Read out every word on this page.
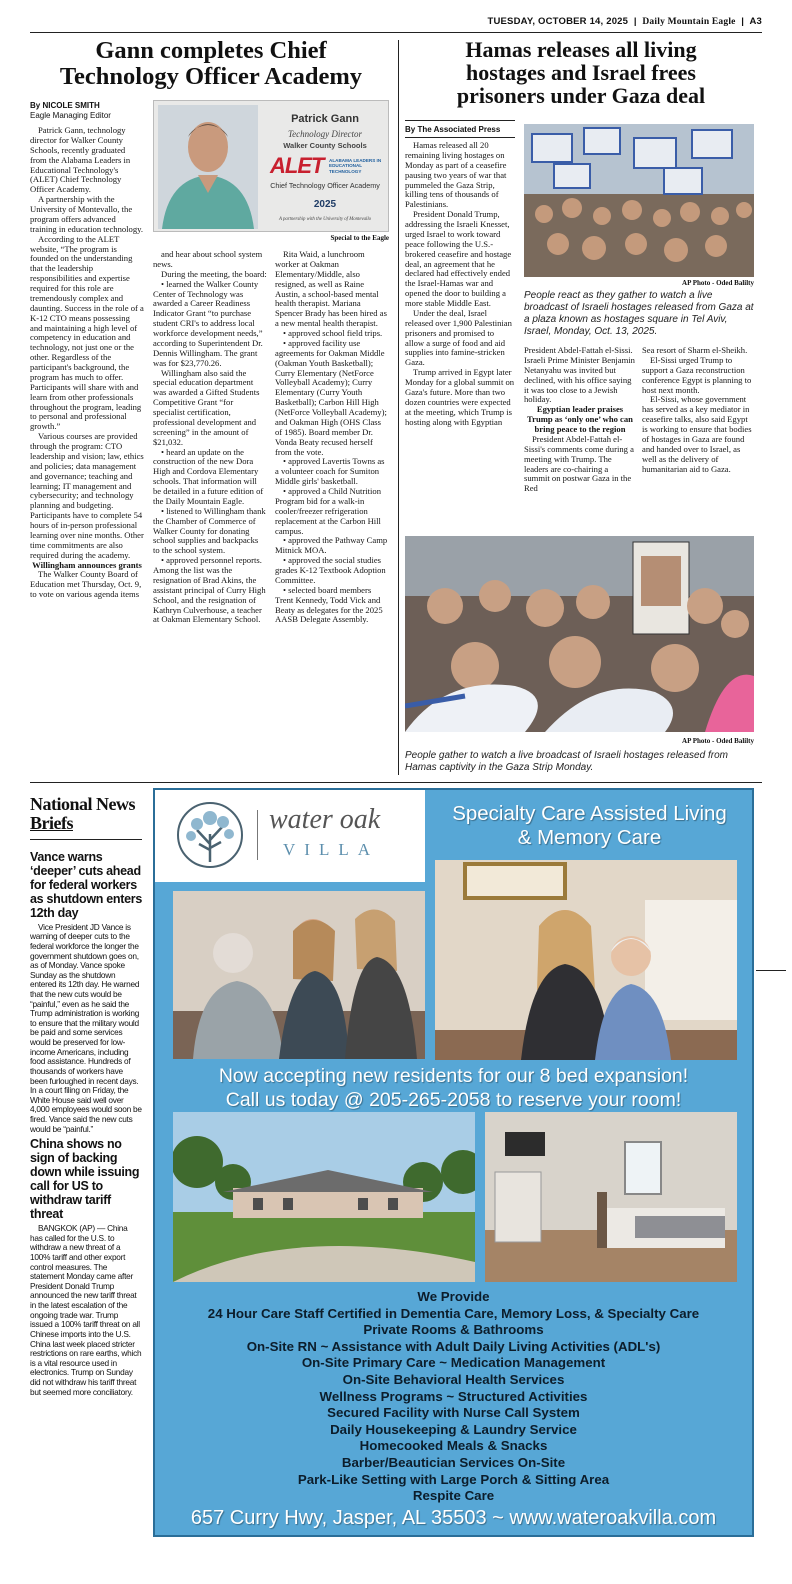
TUESDAY, OCTOBER 14, 2025  |  Daily Mountain Eagle  |  A3
Gann completes Chief
Technology Officer Academy
By NICOLE SMITH
Eagle Managing Editor	Patrick Gann
Technology Director
Walker County Schools
ALET ALABAMA LEADERS IN EDUCATIONAL TECHNOLOGY
Chief Technology Officer Academy
2025
A partnership with the University of Montevallo
Special to the Eagle

Patrick Gann, technology director for Walker County Schools, recently graduated from the Alabama Leaders in Educational Technology's (ALET) Chief Technology Officer Academy.

A partnership with the University of Montevallo, the program offers advanced training in education technology.

According to the ALET website, “The program is founded on the understanding that the leadership responsibilities and expertise required for this role are tremendously complex and daunting. Success in the role of a K-12 CTO means possessing and maintaining a high level of competency in education and technology, not just one or the other. Regardless of the participant's background, the program has much to offer. Participants will share with and learn from other professionals throughout the program, leading to personal and professional growth.”

Various courses are provided through the program: CTO leadership and vision; law, ethics and policies; data management and governance; teaching and learning; IT management and cybersecurity; and technology planning and budgeting. Participants have to complete 54 hours of in-person professional learning over nine months. Other time commitments are also required during the academy.

Willingham announces grants

The Walker County Board of Education met Thursday, Oct. 9, to vote on various agenda items

and hear about school system news.

During the meeting, the board:

• learned the Walker County Center of Technology was awarded a Career Readiness Indicator Grant “to purchase student CRI's to address local workforce development needs,” according to Superintendent Dr. Dennis Willingham. The grant was for $23,770.26.

Willingham also said the special education department was awarded a Gifted Students Competitive Grant “for specialist certification, professional development and screening” in the amount of $21,032.

• heard an update on the construction of the new Dora High and Cordova Elementary schools. That information will be detailed in a future edition of the Daily Mountain Eagle.

• listened to Willingham thank the Chamber of Commerce of Walker County for donating school supplies and backpacks to the school system.

• approved personnel reports. Among the list was the resignation of Brad Akins, the assistant principal of Curry High School, and the resignation of Kathryn Culverhouse, a teacher at Oakman Elementary School.

Rita Waid, a lunchroom worker at Oakman Elementary/Middle, also resigned, as well as Raine Austin, a school-based mental health therapist. Mariana Spencer Brady has been hired as a new mental health therapist.

• approved school field trips.

• approved facility use agreements for Oakman Middle (Oakman Youth Basketball); Curry Elementary (NetForce Volleyball Academy); Curry Elementary (Curry Youth Basketball); Carbon Hill High (NetForce Volleyball Academy); and Oakman High (OHS Class of 1985). Board member Dr. Vonda Beaty recused herself from the vote.

• approved Lavertis Towns as a volunteer coach for Sumiton Middle girls' basketball.

• approved a Child Nutrition Program bid for a walk-in cooler/freezer refrigeration replacement at the Carbon Hill campus.

• approved the Pathway Camp Mitnick MOA.

• approved the social studies grades K-12 Textbook Adoption Committee.

• selected board members Trent Kennedy, Todd Vick and Beaty as delegates for the 2025 AASB Delegate Assembly.

Hamas releases all living
hostages and Israel frees
prisoners under Gaza deal
By The Associated Press

Hamas released all 20 remaining living hostages on Monday as part of a ceasefire pausing two years of war that pummeled the Gaza Strip, killing tens of thousands of Palestinians.

President Donald Trump, addressing the Israeli Knesset, urged Israel to work toward peace following the U.S.-brokered ceasefire and hostage deal, an agreement that he declared had effectively ended the Israel-Hamas war and opened the door to building a more stable Middle East.

Under the deal, Israel released over 1,900 Palestinian prisoners and promised to allow a surge of food and aid supplies into famine-stricken Gaza.

Trump arrived in Egypt later Monday for a global summit on Gaza's future. More than two dozen countries were expected at the meeting, which Trump is hosting along with Egyptian

AP Photo - Oded Balilty
People react as they gather to watch a live broadcast of Israeli hostages released from Gaza at a plaza known as hostages square in Tel Aviv, Israel, Monday, Oct. 13, 2025.

President Abdel-Fattah el-Sissi. Israeli Prime Minister Benjamin Netanyahu was invited but declined, with his office saying it was too close to a Jewish holiday.

Egyptian leader praises Trump as ‘only one’ who can bring peace to the region

President Abdel-Fattah el-Sissi's comments come during a meeting with Trump. The leaders are co-chairing a summit on postwar Gaza in the Red

Sea resort of Sharm el-Sheikh.

El-Sissi urged Trump to support a Gaza reconstruction conference Egypt is planning to host next month.

El-Sissi, whose government has served as a key mediator in ceasefire talks, also said Egypt is working to ensure that bodies of hostages in Gaza are found and handed over to Israel, as well as the delivery of humanitarian aid to Gaza.

AP Photo - Oded Balilty
People gather to watch a live broadcast of Israeli hostages released from Hamas captivity in the Gaza Strip Monday.
National News
Briefs
Vance warns ‘deeper’ cuts ahead for federal workers as shutdown enters 12th day
Vice President JD Vance is warning of deeper cuts to the federal workforce the longer the government shutdown goes on, as of Monday. Vance spoke Sunday as the shutdown entered its 12th day. He warned that the new cuts would be “painful,” even as he said the Trump administration is working to ensure that the military would be paid and some services would be preserved for low-income Americans, including food assistance. Hundreds of thousands of workers have been furloughed in recent days. In a court filing on Friday, the White House said well over 4,000 employees would soon be fired. Vance said the new cuts would be “painful.”
China shows no sign of backing down while issuing call for US to withdraw tariff threat
BANGKOK (AP) — China has called for the U.S. to withdraw a new threat of a 100% tariff and other export control measures. The statement Monday came after President Donald Trump announced the new tariff threat in the latest escalation of the ongoing trade war. Trump issued a 100% tariff threat on all Chinese imports into the U.S. China last week placed stricter restrictions on rare earths, which is a vital resource used in electronics. Trump on Sunday did not withdraw his tariff threat but seemed more conciliatory.
water oak
VILLA
Specialty Care Assisted Living
& Memory Care
Now accepting new residents for our 8 bed expansion!
Call us today @ 205-265-2058 to reserve your room!
We Provide
24 Hour Care Staff Certified in Dementia Care, Memory Loss, & Specialty Care
Private Rooms & Bathrooms
On-Site RN ~ Assistance with Adult Daily Living Activities (ADL's)
On-Site Primary Care ~ Medication Management
On-Site Behavioral Health Services
Wellness Programs ~ Structured Activities
Secured Facility with Nurse Call System
Daily Housekeeping & Laundry Service
Homecooked Meals & Snacks
Barber/Beautician Services On-Site
Park-Like Setting with Large Porch & Sitting Area
Respite Care
657 Curry Hwy, Jasper, AL 35503 ~ www.wateroakvilla.com
